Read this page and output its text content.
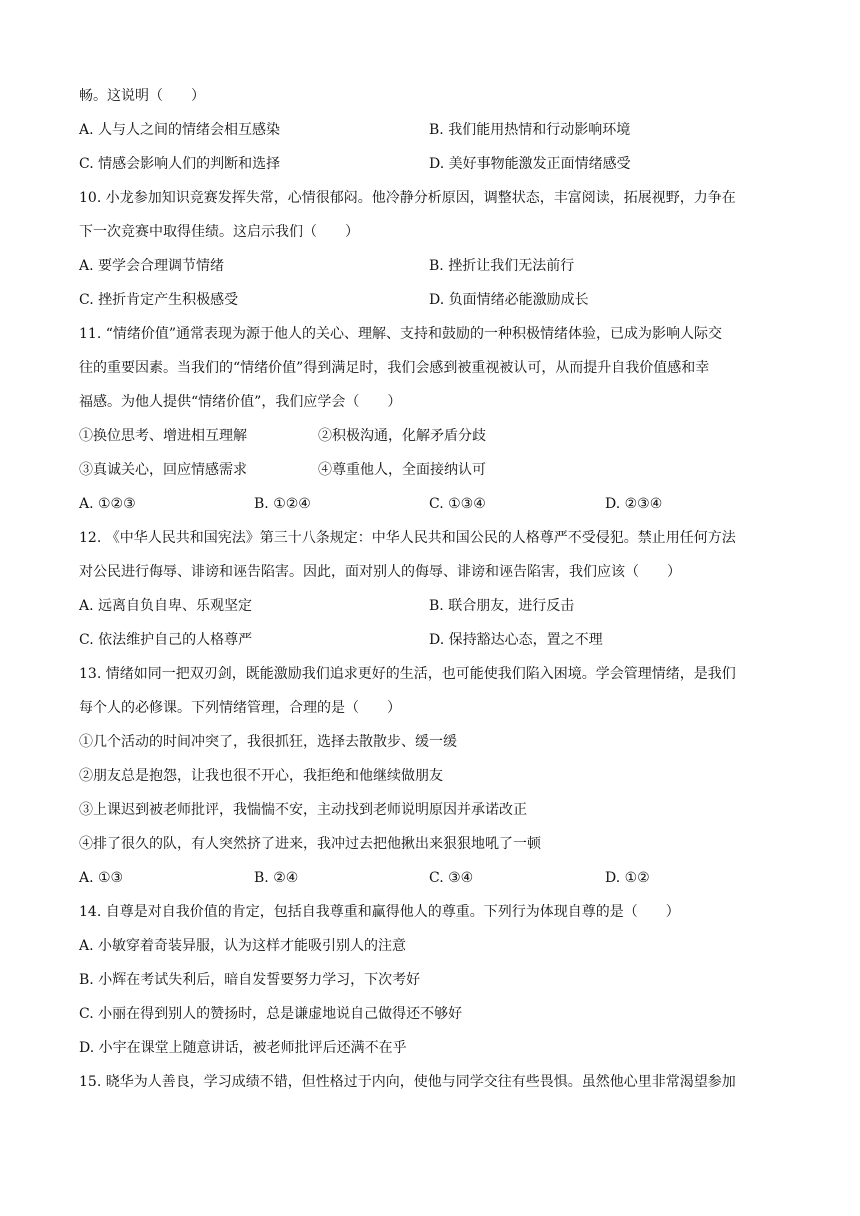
畅。这说明（　　）
A. 人与人之间的情绪会相互感染	B. 我们能用热情和行动影响环境
C. 情感会影响人们的判断和选择	D. 美好事物能激发正面情绪感受
10. 小龙参加知识竞赛发挥失常，心情很郁闷。他冷静分析原因，调整状态，丰富阅读，拓展视野，力争在
下一次竞赛中取得佳绩。这启示我们（　　）
A. 要学会合理调节情绪	B. 挫折让我们无法前行
C. 挫折肯定产生积极感受	D. 负面情绪必能激励成长
11. “情绪价值”通常表现为源于他人的关心、理解、支持和鼓励的一种积极情绪体验，已成为影响人际交
往的重要因素。当我们的“情绪价值”得到满足时，我们会感到被重视被认可，从而提升自我价值感和幸
福感。为他人提供“情绪价值”，我们应学会（　　）
①换位思考、增进相互理解	②积极沟通，化解矛盾分歧
③真诚关心，回应情感需求	④尊重他人，全面接纳认可
A. ①②③	B. ①②④	C. ①③④	D. ②③④
12. 《中华人民共和国宪法》第三十八条规定：中华人民共和国公民的人格尊严不受侵犯。禁止用任何方法
对公民进行侮辱、诽谤和诬告陷害。因此，面对别人的侮辱、诽谤和诬告陷害，我们应该（　　）
A. 远离自负自卑、乐观坚定	B. 联合朋友，进行反击
C. 依法维护自己的人格尊严	D. 保持豁达心态，置之不理
13. 情绪如同一把双刃剑，既能激励我们追求更好的生活，也可能使我们陷入困境。学会管理情绪，是我们
每个人的必修课。下列情绪管理，合理的是（　　）
①几个活动的时间冲突了，我很抓狂，选择去散散步、缓一缓
②朋友总是抱怨，让我也很不开心，我拒绝和他继续做朋友
③上课迟到被老师批评，我惴惴不安，主动找到老师说明原因并承诺改正
④排了很久的队，有人突然挤了进来，我冲过去把他揪出来狠狠地吼了一顿
A. ①③	B. ②④	C. ③④	D. ①②
14. 自尊是对自我价值的肯定，包括自我尊重和赢得他人的尊重。下列行为体现自尊的是（　　）
A. 小敏穿着奇装异服，认为这样才能吸引别人的注意
B. 小辉在考试失利后，暗自发誓要努力学习，下次考好
C. 小丽在得到别人的赞扬时，总是谦虚地说自己做得还不够好
D. 小宇在课堂上随意讲话，被老师批评后还满不在乎
15. 晓华为人善良，学习成绩不错，但性格过于内向，使他与同学交往有些畏惧。虽然他心里非常渴望参加
